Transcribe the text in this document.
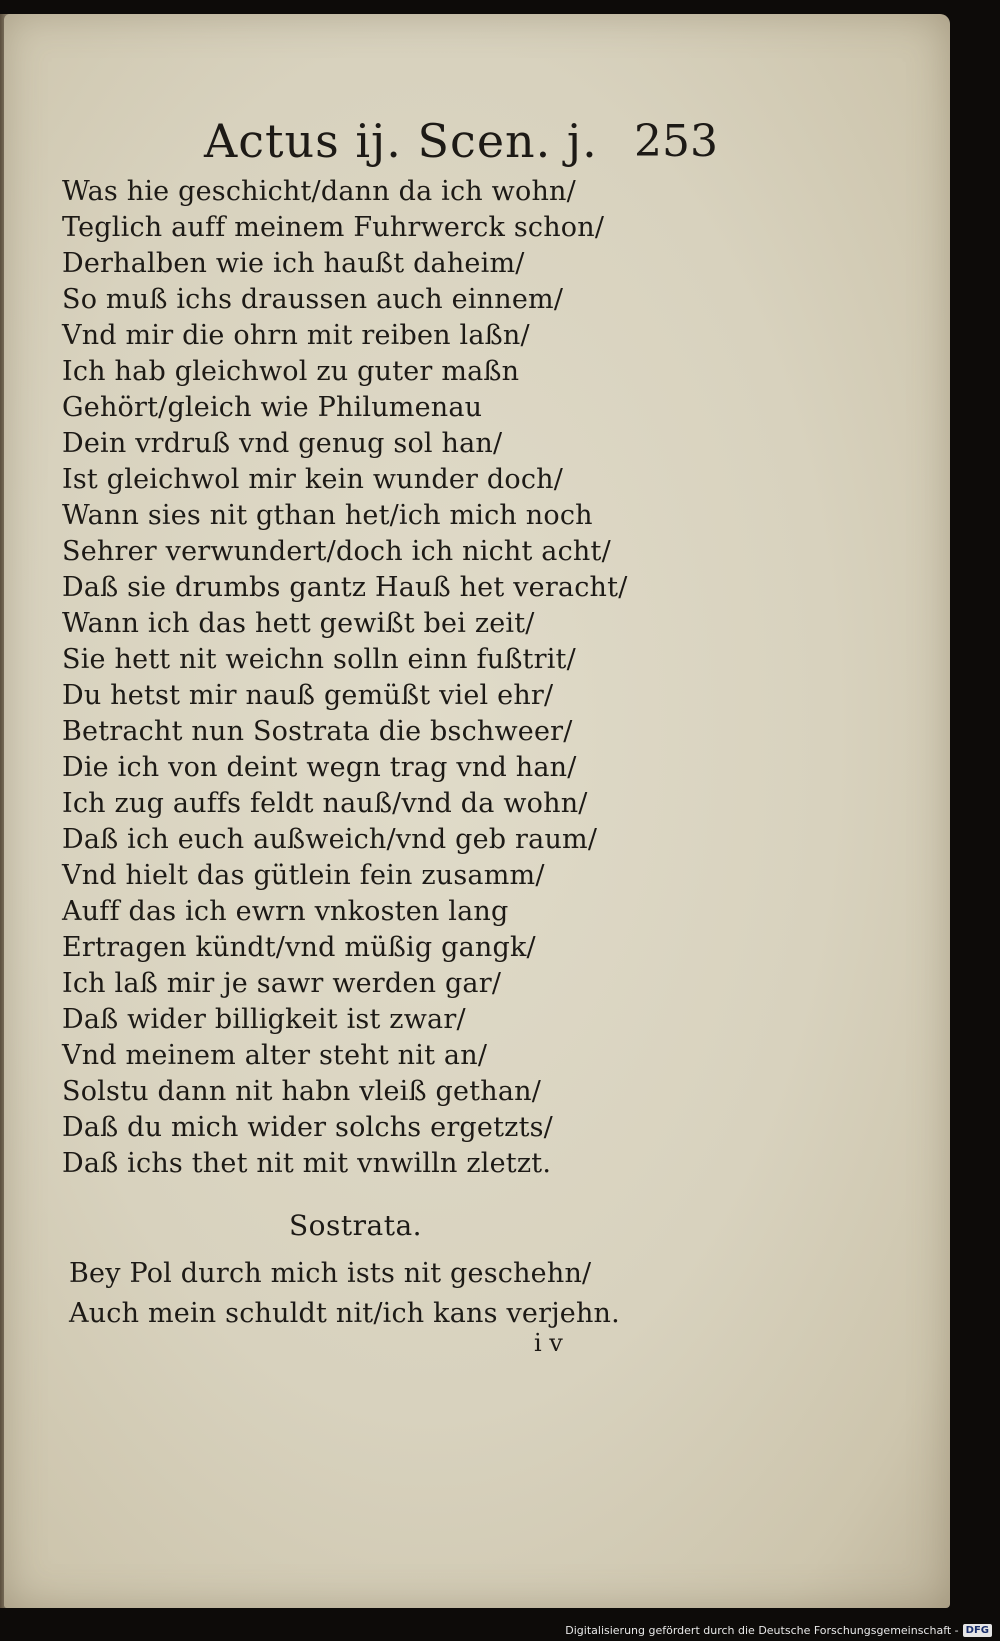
Actus ij. Scen. j. 253
Was hie geschicht/dann da ich wohn/
Teglich auff meinem Fuhrwerck schon/
Derhalben wie ich haußt daheim/
So muß ichs draussen auch einnem/
Vnd mir die ohrn mit reiben laßn/
Ich hab gleichwol zu guter maßn
Gehört/gleich wie Philumenau
Dein vrdruß vnd genug sol han/
Ist gleichwol mir kein wunder doch/
Wann sies nit gthan het/ich mich noch
Sehrer verwundert/doch ich nicht acht/
Daß sie drumbs gantz Hauß het veracht/
Wann ich das hett gewißt bei zeit/
Sie hett nit weichn solln einn fußtrit/
Du hetst mir nauß gemüßt viel ehr/
Betracht nun Sostrata die bschweer/
Die ich von deint wegn trag vnd han/
Ich zug auffs feldt nauß/vnd da wohn/
Daß ich euch außweich/vnd geb raum/
Vnd hielt das gütlein fein zusamm/
Auff das ich ewrn vnkosten lang
Ertragen kündt/vnd müßig gangk/
Ich laß mir je sawr werden gar/
Daß wider billigkeit ist zwar/
Vnd meinem alter steht nit an/
Solstu dann nit habn vleiß gethan/
Daß du mich wider solchs ergetzts/
Daß ichs thet nit mit vnwilln zletzt.
Sostrata.
Bey Pol durch mich ists nit geschehn/
Auch mein schuldt nit/ich kans verjehn.
i v
Digitalisierung gefördert durch die Deutsche Forschungsgemeinschaft - DFG
